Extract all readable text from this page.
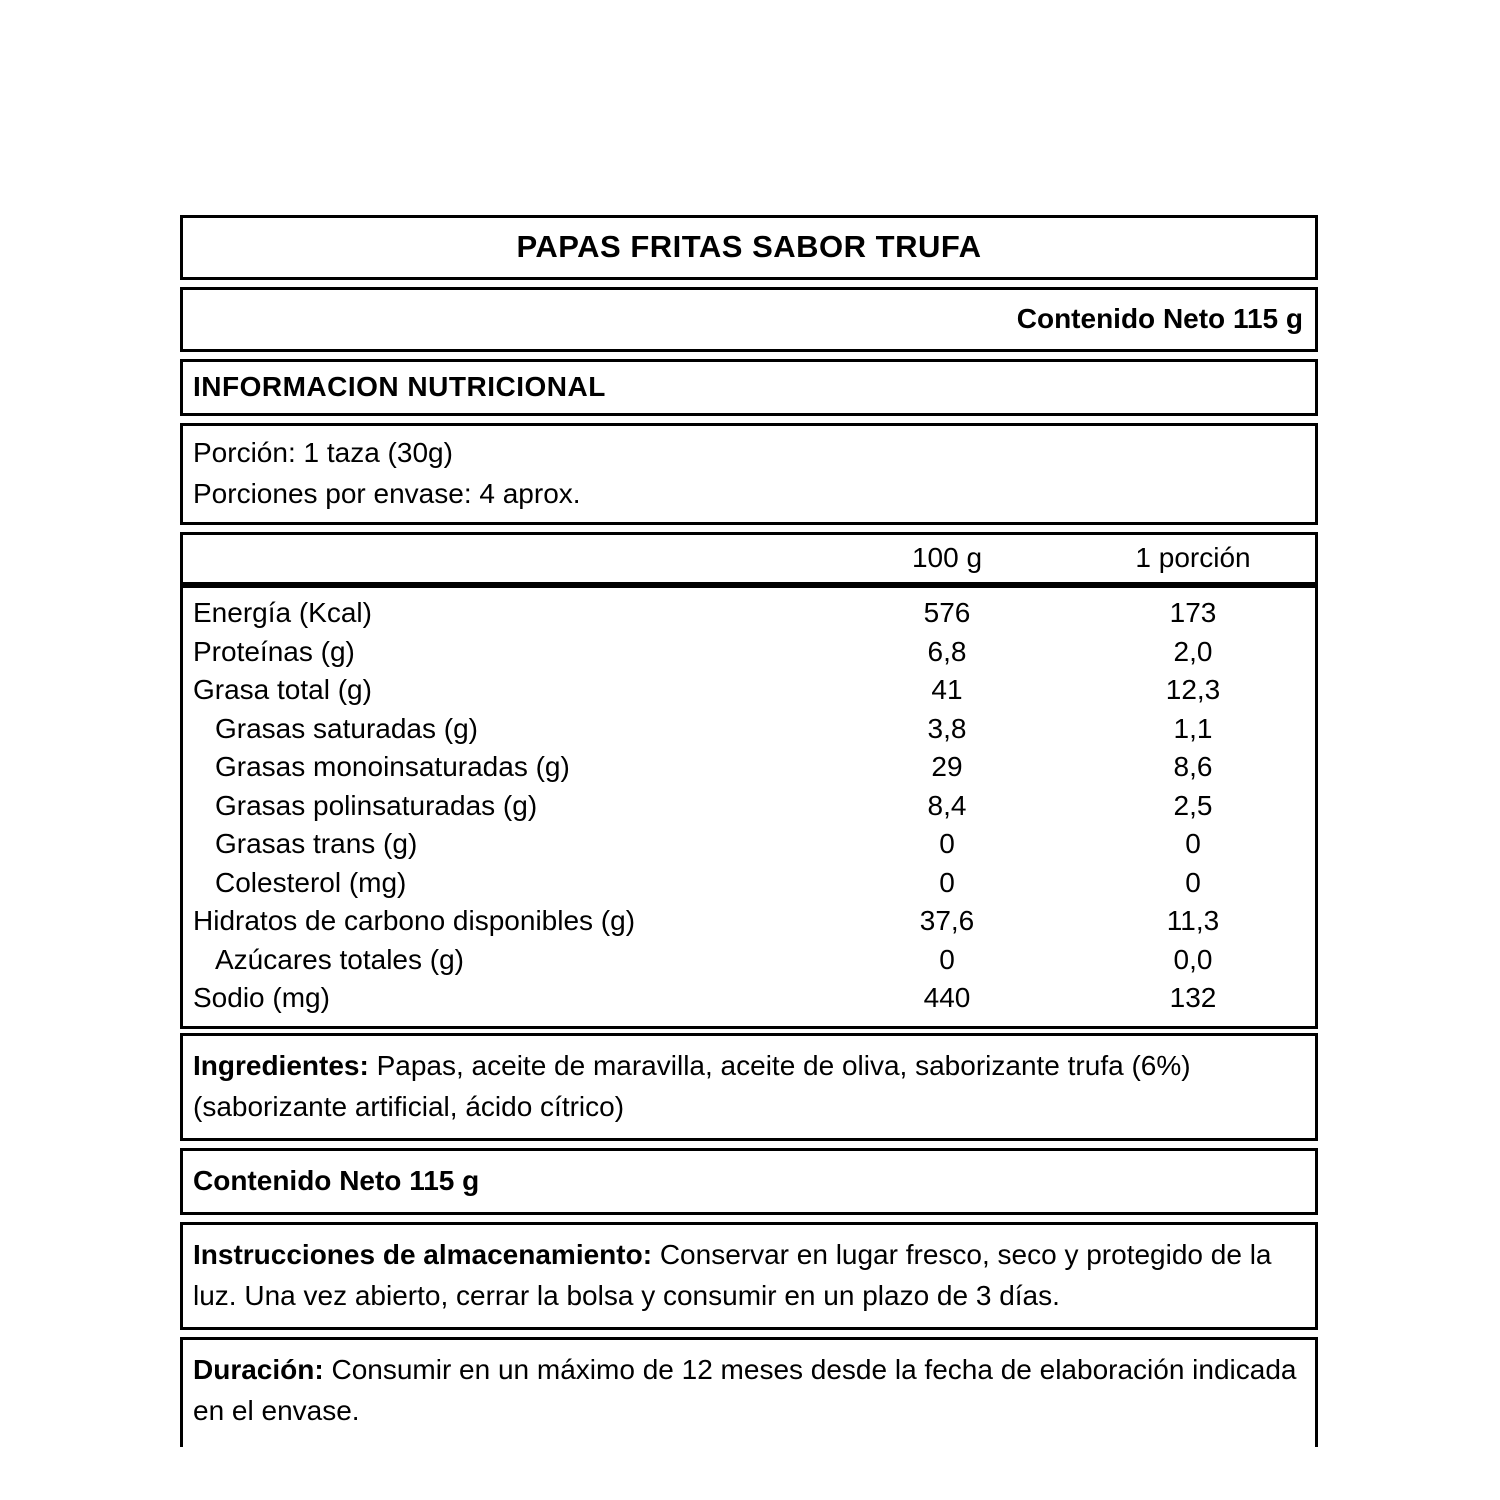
PAPAS FRITAS SABOR TRUFA
Contenido Neto 115 g
INFORMACION NUTRICIONAL
Porción: 1 taza (30g)
Porciones por envase: 4 aprox.
100 g	1 porción
Energía (Kcal)	576	173
Proteínas (g)	6,8	2,0
Grasa total (g)	41	12,3
Grasas saturadas (g)	3,8	1,1
Grasas monoinsaturadas (g)	29	8,6
Grasas polinsaturadas (g)	8,4	2,5
Grasas trans (g)	0	0
Colesterol (mg)	0	0
Hidratos de carbono disponibles (g)	37,6	11,3
Azúcares totales (g)	0	0,0
Sodio (mg)	440	132
Ingredientes: Papas, aceite de maravilla, aceite de oliva, saborizante trufa (6%) (saborizante artificial, ácido cítrico)
Contenido Neto 115 g
Instrucciones de almacenamiento: Conservar en lugar fresco, seco y protegido de la luz. Una vez abierto, cerrar la bolsa y consumir en un plazo de 3 días.
Duración: Consumir en un máximo de 12 meses desde la fecha de elaboración indicada en el envase.
